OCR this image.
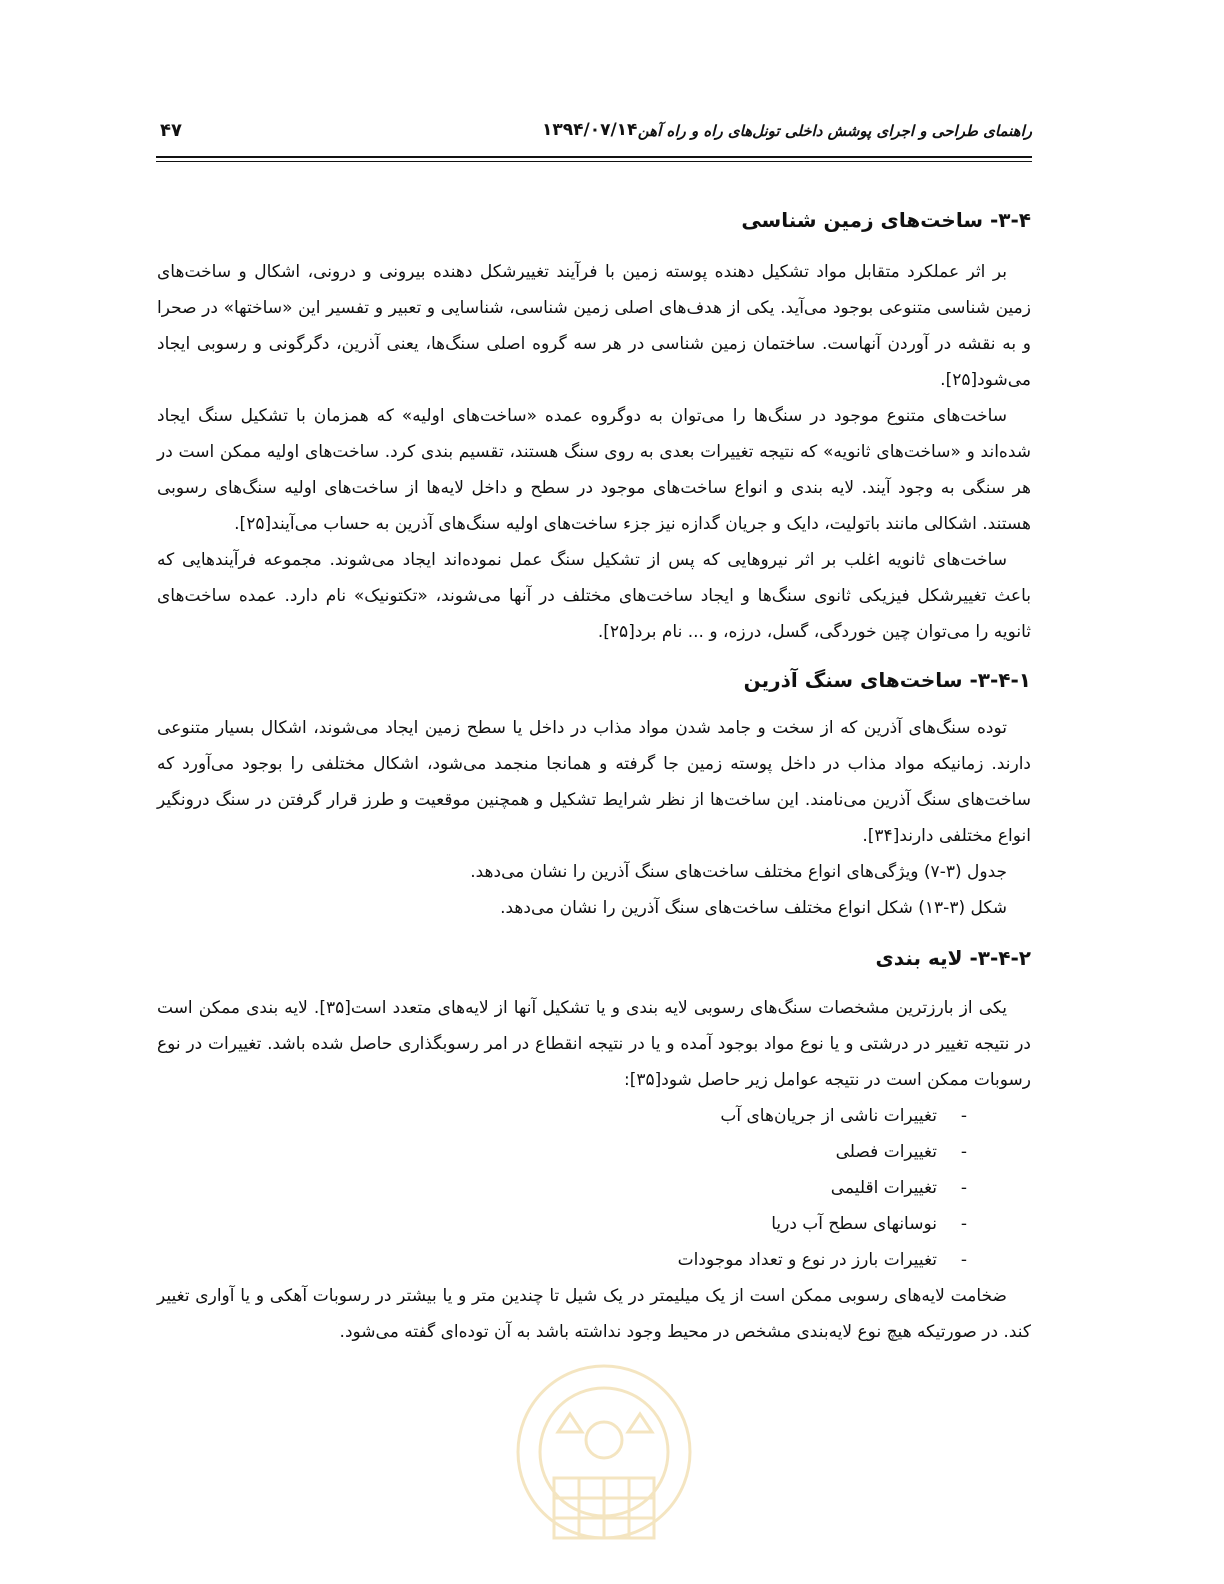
راهنمای طراحی و اجرای پوشش داخلی تونل‌های راه و راه آهن
۱۳۹۴/۰۷/۱۴
۴۷
۳-۴- ساخت‌های زمین شناسی

بر اثر عملکرد متقابل مواد تشکیل دهنده پوسته زمین با فرآیند تغییرشکل دهنده بیرونی و درونی، اشکال و ساخت‌های زمین شناسی متنوعی بوجود می‌آید. یکی از هدف‌های اصلی زمین شناسی، شناسایی و تعبیر و تفسیر این «ساختها» در صحرا و به نقشه در آوردن آنهاست. ساختمان زمین شناسی در هر سه گروه اصلی سنگ‌ها، یعنی آذرین، دگرگونی و رسوبی ایجاد می‌شود[۲۵].

ساخت‌های متنوع موجود در سنگ‌ها را می‌توان به دوگروه عمده «ساخت‌های اولیه» که همزمان با تشکیل سنگ ایجاد شده‌اند و «ساخت‌های ثانویه» که نتیجه تغییرات بعدی به روی سنگ هستند، تقسیم بندی کرد. ساخت‌های اولیه ممکن است در هر سنگی به وجود آیند. لایه بندی و انواع ساخت‌های موجود در سطح و داخل لایه‌ها از ساخت‌های اولیه سنگ‌های رسوبی هستند. اشکالی مانند باتولیت، دایک و جریان گدازه نیز جزء ساخت‌های اولیه سنگ‌های آذرین به حساب می‌آیند[۲۵].

ساخت‌های ثانویه اغلب بر اثر نیروهایی که پس از تشکیل سنگ عمل نموده‌اند ایجاد می‌شوند. مجموعه فرآیندهایی که باعث تغییرشکل فیزیکی ثانوی سنگ‌ها و ایجاد ساخت‌های مختلف در آنها می‌شوند، «تکتونیک» نام دارد. عمده ساخت‌های ثانویه را می‌توان چین خوردگی، گسل، درزه، و ... نام برد[۲۵].

۳-۴-۱- ساخت‌های سنگ آذرین

توده سنگ‌های آذرین که از سخت و جامد شدن مواد مذاب در داخل یا سطح زمین ایجاد می‌شوند، اشکال بسیار متنوعی دارند. زمانیکه مواد مذاب در داخل پوسته زمین جا گرفته و همانجا منجمد می‌شود، اشکال مختلفی را بوجود می‌آورد که ساخت‌های سنگ آذرین می‌نامند. این ساخت‌ها از نظر شرایط تشکیل و همچنین موقعیت و طرز قرار گرفتن در سنگ درونگیر انواع مختلفی دارند[۳۴].

جدول (۳-۷) ویژگی‌های انواع مختلف ساخت‌های سنگ آذرین را نشان می‌دهد.

شکل (۳-۱۳) شکل انواع مختلف ساخت‌های سنگ آذرین را نشان می‌دهد.

۳-۴-۲- لایه بندی

یکی از بارزترین مشخصات سنگ‌های رسوبی لایه بندی و یا تشکیل آنها از لایه‌های متعدد است[۳۵]. لایه بندی ممکن است در نتیجه تغییر در درشتی و یا نوع مواد بوجود آمده و یا در نتیجه انقطاع در امر رسوبگذاری حاصل شده باشد. تغییرات در نوع رسوبات ممکن است در نتیجه عوامل زیر حاصل شود[۳۵]:

-
تغییرات ناشی از جریان‌های آب
-
تغییرات فصلی
-
تغییرات اقلیمی
-
نوسانهای سطح آب دریا
-
تغییرات بارز در نوع و تعداد موجودات

ضخامت لایه‌های رسوبی ممکن است از یک میلیمتر در یک شیل تا چندین متر و یا بیشتر در رسوبات آهکی و یا آواری تغییر کند. در صورتیکه هیچ نوع لایه‌بندی مشخص در محیط وجود نداشته باشد به آن توده‌ای گفته می‌شود.
